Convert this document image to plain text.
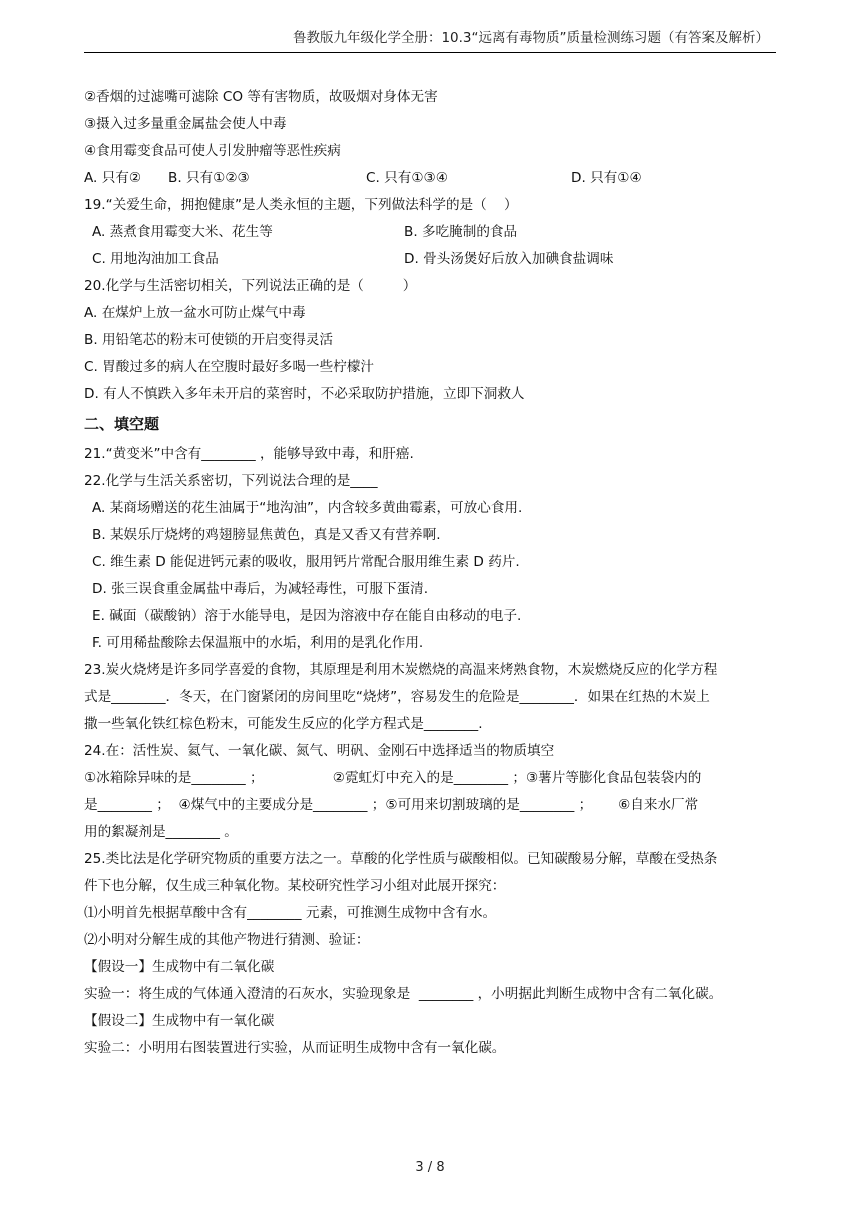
鲁教版九年级化学全册：10.3“远离有毒物质”质量检测练习题（有答案及解析）
②香烟的过滤嘴可滤除 CO 等有害物质，故吸烟对身体无害
③摄入过多量重金属盐会使人中毒
④食用霉变食品可使人引发肿瘤等恶性疾病
A. 只有②	B. 只有①②③	C. 只有①③④	D. 只有①④
19.“关爱生命，拥抱健康”是人类永恒的主题，下列做法科学的是（    ）
A. 蒸煮食用霉变大米、花生等	B. 多吃腌制的食品
C. 用地沟油加工食品	D. 骨头汤煲好后放入加碘食盐调味
20.化学与生活密切相关，下列说法正确的是（         ）
A. 在煤炉上放一盆水可防止煤气中毒
B. 用铅笔芯的粉末可使锁的开启变得灵活
C. 胃酸过多的病人在空腹时最好多喝一些柠檬汁
D. 有人不慎跌入多年未开启的菜窖时，不必采取防护措施，立即下洞救人
二、填空题
21.“黄变米”中含有________ ，能够导致中毒，和肝癌.
22.化学与生活关系密切，下列说法合理的是____
A. 某商场赠送的花生油属于“地沟油”，内含较多黄曲霉素，可放心食用.
B. 某娱乐厅烧烤的鸡翅膀显焦黄色，真是又香又有营养啊.
C. 维生素 D 能促进钙元素的吸收，服用钙片常配合服用维生素 D 药片.
D. 张三误食重金属盐中毒后，为减轻毒性，可服下蛋清.
E. 碱面（碳酸钠）溶于水能导电，是因为溶液中存在能自由移动的电子.
F. 可用稀盐酸除去保温瓶中的水垢，利用的是乳化作用.
23.炭火烧烤是许多同学喜爱的食物，其原理是利用木炭燃烧的高温来烤熟食物，木炭燃烧反应的化学方程
式是________．冬天，在门窗紧闭的房间里吃“烧烤”，容易发生的危险是________．如果在红热的木炭上
撒一些氧化铁红棕色粉末，可能发生反应的化学方程式是________.
24.在：活性炭、氦气、一氧化碳、氮气、明矾、金刚石中选择适当的物质填空
①冰箱除异味的是________ ；                ②霓虹灯中充入的是________ ；③薯片等膨化食品包装袋内的
是________ ；  ④煤气中的主要成分是________ ；⑤可用来切割玻璃的是________ ；      ⑥自来水厂常
用的絮凝剂是________ 。
25.类比法是化学研究物质的重要方法之一。草酸的化学性质与碳酸相似。已知碳酸易分解，草酸在受热条
件下也分解，仅生成三种氧化物。某校研究性学习小组对此展开探究：
⑴小明首先根据草酸中含有________ 元素，可推测生成物中含有水。
⑵小明对分解生成的其他产物进行猜测、验证：
【假设一】生成物中有二氧化碳
实验一：将生成的气体通入澄清的石灰水，实验现象是  ________ ，小明据此判断生成物中含有二氧化碳。
【假设二】生成物中有一氧化碳
实验二：小明用右图装置进行实验，从而证明生成物中含有一氧化碳。
3 / 8
